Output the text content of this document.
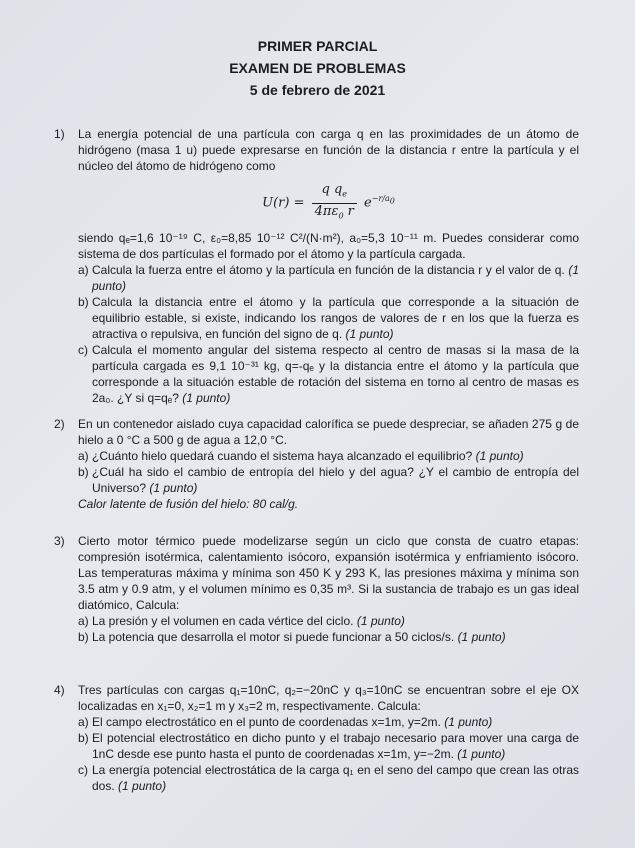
PRIMER PARCIAL
EXAMEN DE PROBLEMAS
5 de febrero de 2021
1) La energía potencial de una partícula con carga q en las proximidades de un átomo de hidrógeno (masa 1 u) puede expresarse en función de la distancia r entre la partícula y el núcleo del átomo de hidrógeno como
$U(r) = \frac{q q_e}{4\pi\varepsilon_0 r} e^{-r/a_0}$
siendo qₑ=1,6 10⁻¹⁹ C, ε₀=8,85 10⁻¹² C²/(N·m²), a₀=5,3 10⁻¹¹ m. Puedes considerar como sistema de dos partículas el formado por el átomo y la partícula cargada.
a) Calcula la fuerza entre el átomo y la partícula en función de la distancia r y el valor de q. (1 punto)
b) Calcula la distancia entre el átomo y la partícula que corresponde a la situación de equilibrio estable, si existe, indicando los rangos de valores de r en los que la fuerza es atractiva o repulsiva, en función del signo de q. (1 punto)
c) Calcula el momento angular del sistema respecto al centro de masas si la masa de la partícula cargada es 9,1 10⁻³¹ kg, q=-qₑ y la distancia entre el átomo y la partícula que corresponde a la situación estable de rotación del sistema en torno al centro de masas es 2a₀. ¿Y si q=qₑ? (1 punto)
2) En un contenedor aislado cuya capacidad calorífica se puede despreciar, se añaden 275 g de hielo a 0 °C a 500 g de agua a 12,0 °C.
a) ¿Cuánto hielo quedará cuando el sistema haya alcanzado el equilibrio? (1 punto)
b) ¿Cuál ha sido el cambio de entropía del hielo y del agua? ¿Y el cambio de entropía del Universo? (1 punto)
Calor latente de fusión del hielo: 80 cal/g.
3) Cierto motor térmico puede modelizarse según un ciclo que consta de cuatro etapas: compresión isotérmica, calentamiento isócoro, expansión isotérmica y enfriamiento isócoro. Las temperaturas máxima y mínima son 450 K y 293 K, las presiones máxima y mínima son 3.5 atm y 0.9 atm, y el volumen mínimo es 0,35 m³. Si la sustancia de trabajo es un gas ideal diatómico, Calcula:
a) La presión y el volumen en cada vértice del ciclo. (1 punto)
b) La potencia que desarrolla el motor si puede funcionar a 50 ciclos/s. (1 punto)
4) Tres partículas con cargas q₁=10nC, q₂=−20nC y q₃=10nC se encuentran sobre el eje OX localizadas en x₁=0, x₂=1 m y x₃=2 m, respectivamente. Calcula:
a) El campo electrostático en el punto de coordenadas x=1m, y=2m. (1 punto)
b) El potencial electrostático en dicho punto y el trabajo necesario para mover una carga de 1nC desde ese punto hasta el punto de coordenadas x=1m, y=−2m. (1 punto)
c) La energía potencial electrostática de la carga q₁ en el seno del campo que crean las otras dos. (1 punto)
